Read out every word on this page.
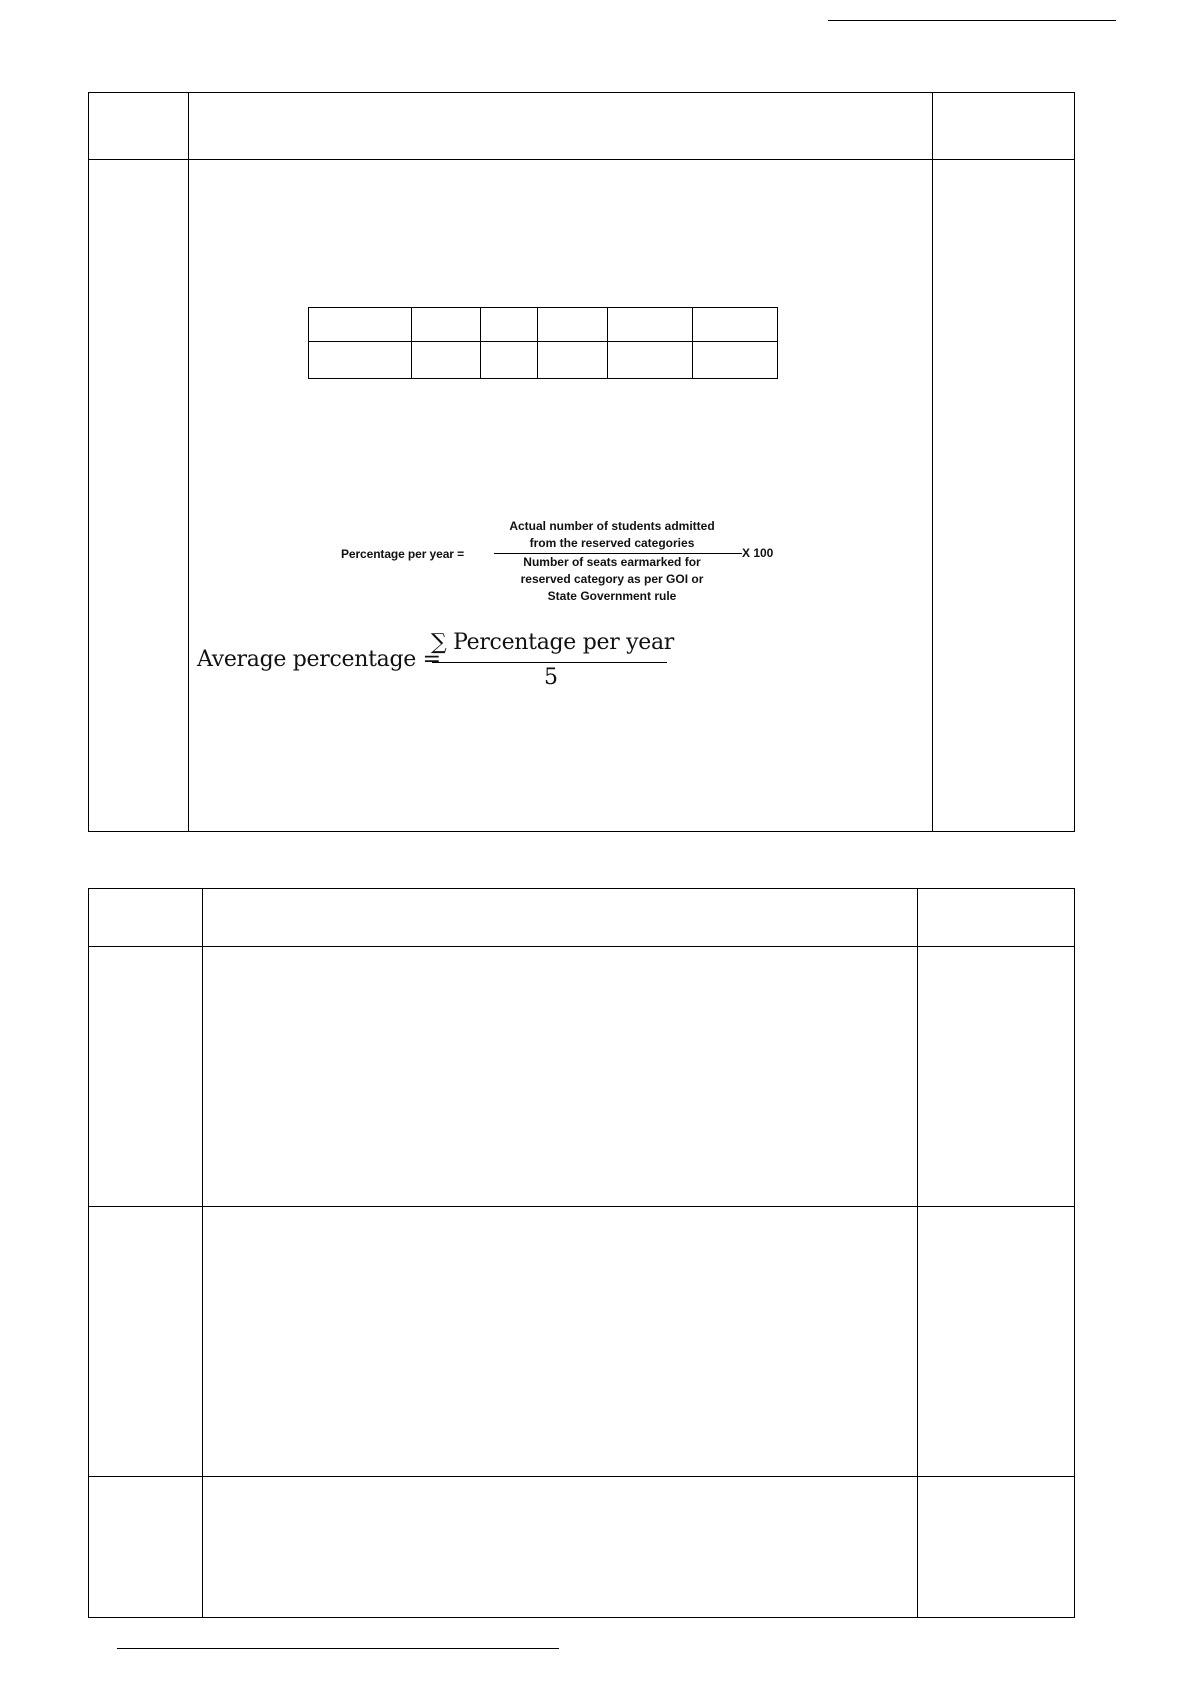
Percentage per year =
Actual number of students admitted
from the reserved categories
Number of seats earmarked for
reserved category as per GOI or
State Government rule
X 100
Average percentage =
∑ Percentage per year
5
